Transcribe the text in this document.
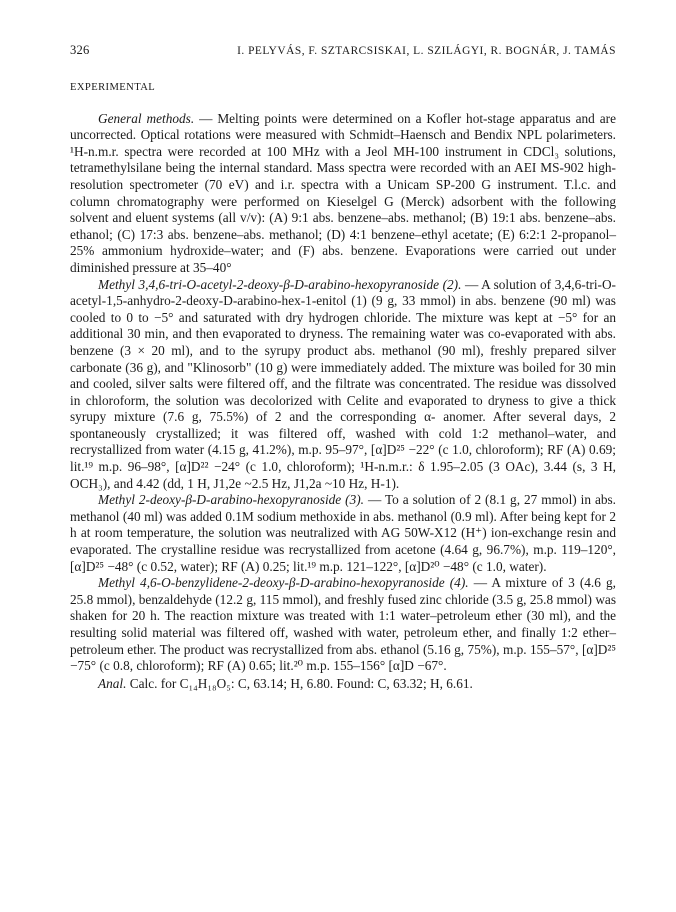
326	I. PELYVÁS, F. SZTARCSISKAI, L. SZILÁGYI, R. BOGNÁR, J. TAMÁS
EXPERIMENTAL

General methods. — Melting points were determined on a Kofler hot-stage apparatus and are uncorrected. Optical rotations were measured with Schmidt–Haensch and Bendix NPL polarimeters. ¹H-n.m.r. spectra were recorded at 100 MHz with a Jeol MH-100 instrument in CDCl₃ solutions, tetramethylsilane being the internal standard. Mass spectra were recorded with an AEI MS-902 high-resolution spectrometer (70 eV) and i.r. spectra with a Unicam SP-200 G instrument. T.l.c. and column chromatography were performed on Kieselgel G (Merck) adsorbent with the following solvent and eluent systems (all v/v): (A) 9:1 abs. benzene–abs. methanol; (B) 19:1 abs. benzene–abs. ethanol; (C) 17:3 abs. benzene–abs. methanol; (D) 4:1 benzene–ethyl acetate; (E) 6:2:1 2-propanol–25% ammonium hydroxide–water; and (F) abs. benzene. Evaporations were carried out under diminished pressure at 35–40°

Methyl 3,4,6-tri-O-acetyl-2-deoxy-β-D-arabino-hexopyranoside (2). — A solution of 3,4,6-tri-O-acetyl-1,5-anhydro-2-deoxy-D-arabino-hex-1-enitol (1) (9 g, 33 mmol) in abs. benzene (90 ml) was cooled to 0 to −5° and saturated with dry hydrogen chloride. The mixture was kept at −5° for an additional 30 min, and then evaporated to dryness. The remaining water was co-evaporated with abs. benzene (3 × 20 ml), and to the syrupy product abs. methanol (90 ml), freshly prepared silver carbonate (36 g), and "Klinosorb" (10 g) were immediately added. The mixture was boiled for 30 min and cooled, silver salts were filtered off, and the filtrate was concentrated. The residue was dissolved in chloroform, the solution was decolorized with Celite and evaporated to dryness to give a thick syrupy mixture (7.6 g, 75.5%) of 2 and the corresponding α- anomer. After several days, 2 spontaneously crystallized; it was filtered off, washed with cold 1:2 methanol–water, and recrystallized from water (4.15 g, 41.2%), m.p. 95–97°, [α]D²⁵ −22° (c 1.0, chloroform); RF (A) 0.69; lit.¹⁹ m.p. 96–98°, [α]D²² −24° (c 1.0, chloroform); ¹H-n.m.r.: δ 1.95–2.05 (3 OAc), 3.44 (s, 3 H, OCH₃), and 4.42 (dd, 1 H, J1,2e ~2.5 Hz, J1,2a ~10 Hz, H-1).

Methyl 2-deoxy-β-D-arabino-hexopyranoside (3). — To a solution of 2 (8.1 g, 27 mmol) in abs. methanol (40 ml) was added 0.1M sodium methoxide in abs. methanol (0.9 ml). After being kept for 2 h at room temperature, the solution was neutralized with AG 50W-X12 (H⁺) ion-exchange resin and evaporated. The crystalline residue was recrystallized from acetone (4.64 g, 96.7%), m.p. 119–120°, [α]D²⁵ −48° (c 0.52, water); RF (A) 0.25; lit.¹⁹ m.p. 121–122°, [α]D²⁰ −48° (c 1.0, water).

Methyl 4,6-O-benzylidene-2-deoxy-β-D-arabino-hexopyranoside (4). — A mixture of 3 (4.6 g, 25.8 mmol), benzaldehyde (12.2 g, 115 mmol), and freshly fused zinc chloride (3.5 g, 25.8 mmol) was shaken for 20 h. The reaction mixture was treated with 1:1 water–petroleum ether (30 ml), and the resulting solid material was filtered off, washed with water, petroleum ether, and finally 1:2 ether–petroleum ether. The product was recrystallized from abs. ethanol (5.16 g, 75%), m.p. 155–57°, [α]D²⁵ −75° (c 0.8, chloroform); RF (A) 0.65; lit.²⁰ m.p. 155–156° [α]D −67°.

Anal. Calc. for C₁₄H₁₈O₅: C, 63.14; H, 6.80. Found: C, 63.32; H, 6.61.
